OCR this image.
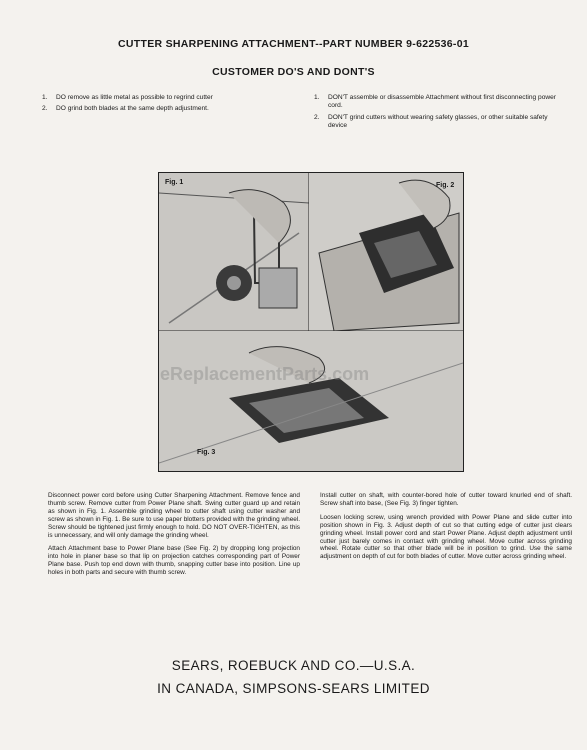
CUTTER SHARPENING ATTACHMENT--PART NUMBER 9-622536-01
CUSTOMER DO'S AND DONT'S
1.	DO remove as little metal as possible to regrind cutter
2.	DO grind both blades at the same depth adjustment.
1.	DON'T assemble or disassemble Attachment without first disconnecting power cord.
2.	DON'T grind cutters without wearing safety glasses, or other suitable safety device
Fig. 1	Fig. 2
Fig. 3
eReplacementParts.com

Disconnect power cord before using Cutter Sharpening Attachment. Remove fence and thumb screw. Remove cutter from Power Plane shaft. Swing cutter guard up and retain as shown in Fig. 1. Assemble grinding wheel to cutter shaft using cutter washer and screw as shown in Fig. 1. Be sure to use paper blotters provided with the grinding wheel. Screw should be tightened just firmly enough to hold. DO NOT OVER-TIGHTEN, as this is unnecessary, and will only damage the grinding wheel.

Attach Attachment base to Power Plane base (See Fig. 2) by dropping long projection into hole in planer base so that lip on projection catches corresponding part of Power Plane base. Push top end down with thumb, snapping cutter base into position. Line up holes in both parts and secure with thumb screw.

Install cutter on shaft, with counter-bored hole of cutter toward knurled end of shaft. Screw shaft into base, (See Fig. 3) finger tighten.

Loosen locking screw, using wrench provided with Power Plane and slide cutter into position shown in Fig. 3. Adjust depth of cut so that cutting edge of cutter just clears grinding wheel. Install power cord and start Power Plane. Adjust depth adjustment until cutter just barely comes in contact with grinding wheel. Move cutter across grinding wheel. Rotate cutter so that other blade will be in position to grind. Use the same adjustment on depth of cut for both blades of cutter. Move cutter across grinding wheel.

SEARS, ROEBUCK AND CO.—U.S.A.
IN CANADA, SIMPSONS-SEARS LIMITED
